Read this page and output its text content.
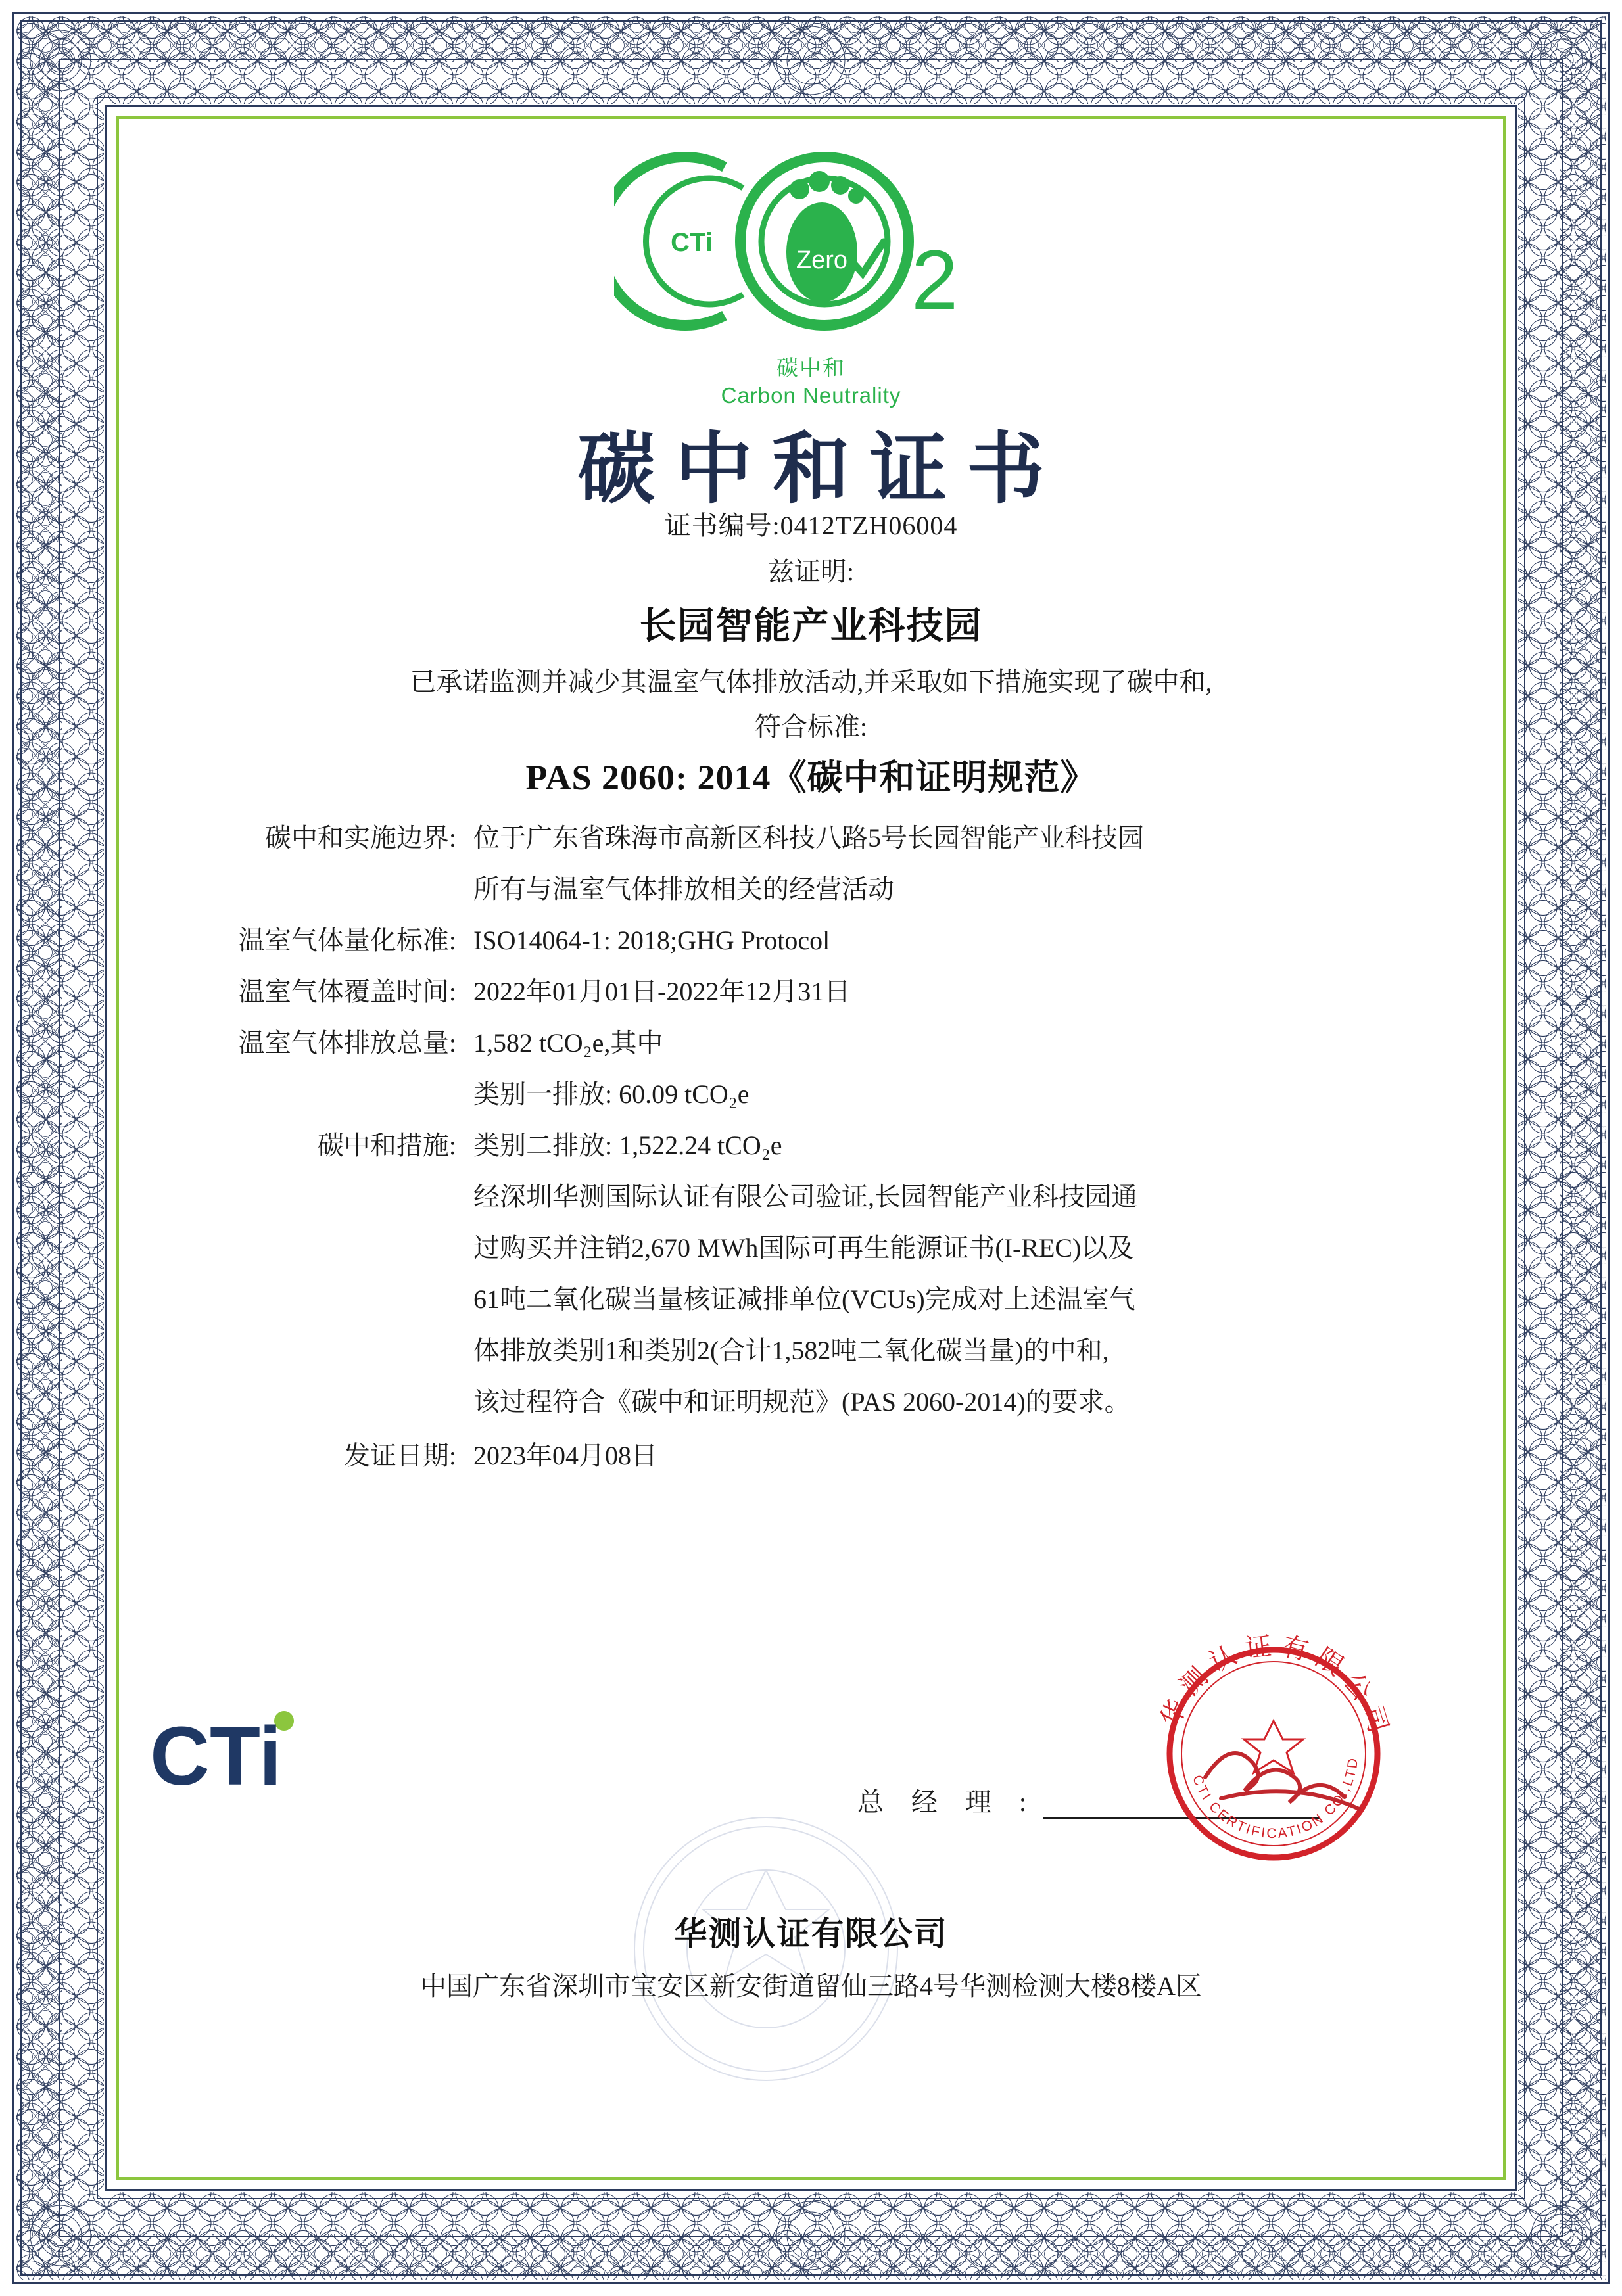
CTi
Zero 2
碳中和
Carbon Neutrality
碳中和证书
证书编号:0412TZH06004
兹证明:
长园智能产业科技园
已承诺监测并减少其温室气体排放活动,并采取如下措施实现了碳中和,
符合标准:
PAS 2060: 2014《碳中和证明规范》
碳中和实施边界: 位于广东省珠海市高新区科技八路5号长园智能产业科技园

所有与温室气体排放相关的经营活动

温室气体量化标准: ISO14064-1: 2018;GHG Protocol
温室气体覆盖时间: 2022年01月01日-2022年12月31日
温室气体排放总量: 1,582 tCO₂e,其中

类别一排放: 60.09 tCO₂e

碳中和措施: 类别二排放: 1,522.24 tCO₂e

经深圳华测国际认证有限公司验证,长园智能产业科技园通

过购买并注销2,670 MWh国际可再生能源证书(I-REC)以及

61吨二氧化碳当量核证减排单位(VCUs)完成对上述温室气

体排放类别1和类别2(合计1,582吨二氧化碳当量)的中和,

该过程符合《碳中和证明规范》(PAS 2060-2014)的要求。

发证日期: 2023年04月08日
CTi	总 经 理 :
华测认证有限公司
CTI CERTIFICATION CO.,LTD
华测认证有限公司
中国广东省深圳市宝安区新安街道留仙三路4号华测检测大楼8楼A区
